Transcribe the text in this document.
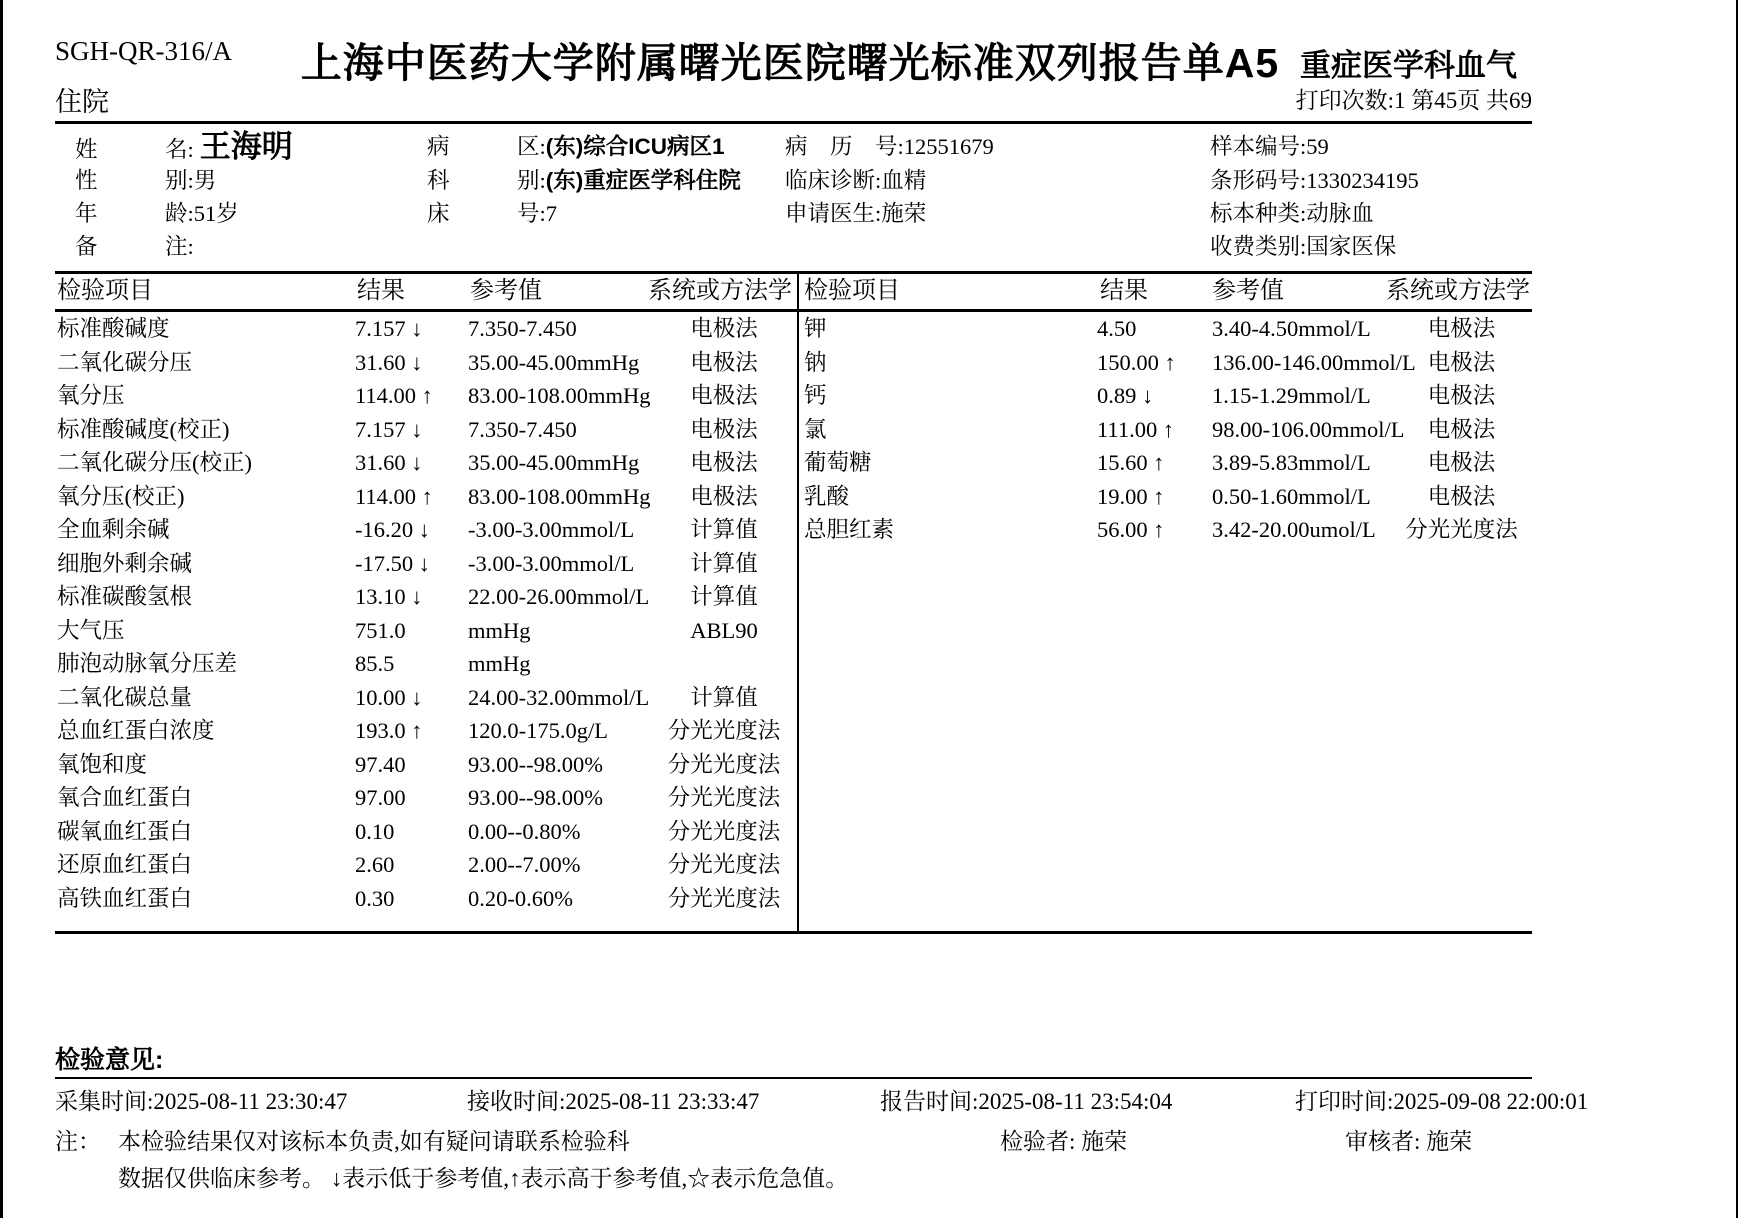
SGH-QR-316/A
住院
上海中医药大学附属曙光医院曙光标准双列报告单A5 重症医学科血气
打印次数:1 第45页 共69
姓　　　名: 王海明
性　　　别:男
年　　　龄:51岁
备　　　注:
病　　　区:(东)综合ICU病区1
科　　　别:(东)重症医学科住院
床　　　号:7
病　历　号:12551679
临床诊断:血精
申请医生:施荣
样本编号:59
条形码号:1330234195
标本种类:动脉血
收费类别:国家医保
检验项目	结果	参考值	系统或方法学 检验项目	结果	参考值	系统或方法学
标准酸碱度	7.157 ↓ 7.350-7.450	电极法
二氧化碳分压	31.60 ↓ 35.00-45.00mmHg	电极法
氧分压	114.00 ↑ 83.00-108.00mmHg	电极法
标准酸碱度(校正)	7.157 ↓ 7.350-7.450	电极法
二氧化碳分压(校正)	31.60 ↓ 35.00-45.00mmHg	电极法
氧分压(校正)	114.00 ↑ 83.00-108.00mmHg	电极法
全血剩余碱	-16.20 ↓ -3.00-3.00mmol/L	计算值
细胞外剩余碱	-17.50 ↓ -3.00-3.00mmol/L	计算值
标准碳酸氢根	13.10 ↓ 22.00-26.00mmol/L	计算值
大气压	751.0	mmHg	ABL90
肺泡动脉氧分压差	85.5	mmHg
二氧化碳总量	10.00 ↓ 24.00-32.00mmol/L	计算值
总血红蛋白浓度	193.0 ↑ 120.0-175.0g/L	分光光度法
氧饱和度	97.40	93.00--98.00%	分光光度法
氧合血红蛋白	97.00	93.00--98.00%	分光光度法
碳氧血红蛋白	0.10	0.00--0.80%	分光光度法
还原血红蛋白	2.60	2.00--7.00%	分光光度法
高铁血红蛋白	0.30	0.20-0.60%	分光光度法
钾	4.50	3.40-4.50mmol/L	电极法
钠	150.00 ↑ 136.00-146.00mmol/L 电极法
钙	0.89 ↓	1.15-1.29mmol/L	电极法
氯	111.00 ↑ 98.00-106.00mmol/L	电极法
葡萄糖	15.60 ↑ 3.89-5.83mmol/L	电极法
乳酸	19.00 ↑ 0.50-1.60mmol/L	电极法
总胆红素	56.00 ↑ 3.42-20.00umol/L	分光光度法
检验意见:
采集时间:2025-08-11 23:30:47	接收时间:2025-08-11 23:33:47	报告时间:2025-08-11 23:54:04	打印时间:2025-09-08 22:00:01
注： 本检验结果仅对该标本负责,如有疑问请联系检验科	检验者: 施荣	审核者: 施荣
数据仅供临床参考。 ↓表示低于参考值,↑表示高于参考值,☆表示危急值。
